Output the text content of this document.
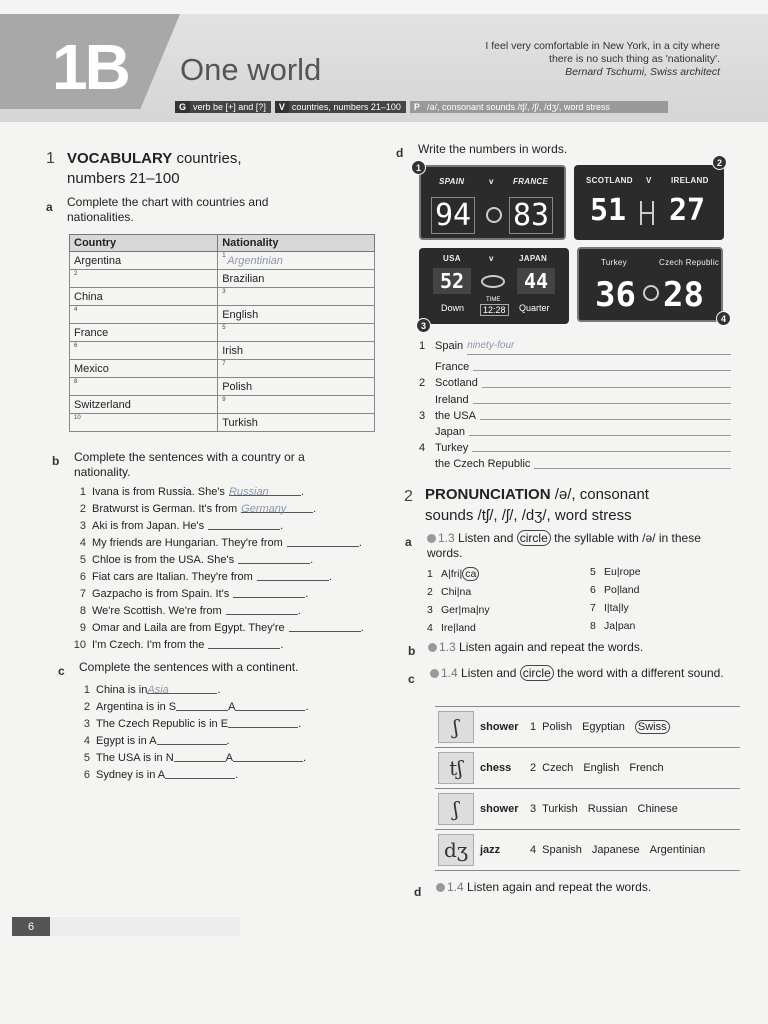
1B One world
I feel very comfortable in New York, in a city where there is no such thing as 'nationality'.
Bernard Tschumi, Swiss architect
G verb be [+] and [?]	V countries, numbers 21–100	P /ə/, consonant sounds /tʃ/, /ʃ/, /dʒ/, word stress
1 VOCABULARY countries,
numbers 21–100
a Complete the chart with countries and nationalities.
Country	Nationality

Argentina	1 Argentinian

2	Brazilian

China	3

4	English

France	5

6	Irish

Mexico	7

8	Polish

Switzerland	9

10	Turkish
b Complete the sentences with a country or a nationality.
1 Ivana is from Russia. She's Russian	.
2 Bratwurst is German. It's from Germany	.
3 Aki is from Japan. He's	.
4 My friends are Hungarian. They're from	.
5 Chloe is from the USA. She's	.
6 Fiat cars are Italian. They're from	.
7 Gazpacho is from Spain. It's	.
8 We're Scottish. We're from	.
9 Omar and Laila are from Egypt. They're	.
10 I'm Czech. I'm from the	.
c Complete the sentences with a continent.
1 China is in Asia	.
2 Argentina is in S	A	.
3 The Czech Republic is in E	.
4 Egypt is in A	.
5 The USA is in N	A	.
6 Sydney is in A	.
d Write the numbers in words.
SPAIN	v FRANCE
94 83
1
SCOTLAND V IRELAND
51 27
2
USA	v	JAPAN
52	44
Down
TIME
12:28	Quarter
3
Turkey	Czech Republic
36 28
4
1 Spain ninety-four
France
2 Scotland
Ireland
3 the USA
Japan
4 Turkey
the Czech Republic
2 PRONUNCIATION /ə/, consonant
sounds /tʃ/, /ʃ/, /dʒ/, word stress
a	1.3 Listen and circle the syllable with /ə/ in these words.
1 A|fri| ca
2 Chi|na
3 Ger|ma|ny
4 Ire|land
5 Eu|rope
6 Po|land
7 I|ta|ly
8 Ja|pan
b	1.3 Listen again and repeat the words.
c	1.4 Listen and circle the word with a different sound.
ʃ	shower	1 Polish Egyptian Swiss

tʃ	chess	2 Czech English French

ʃ	shower	3 Turkish Russian Chinese

dʒ	jazz	4 Spanish Japanese Argentinian
d	1.4 Listen again and repeat the words.
6
